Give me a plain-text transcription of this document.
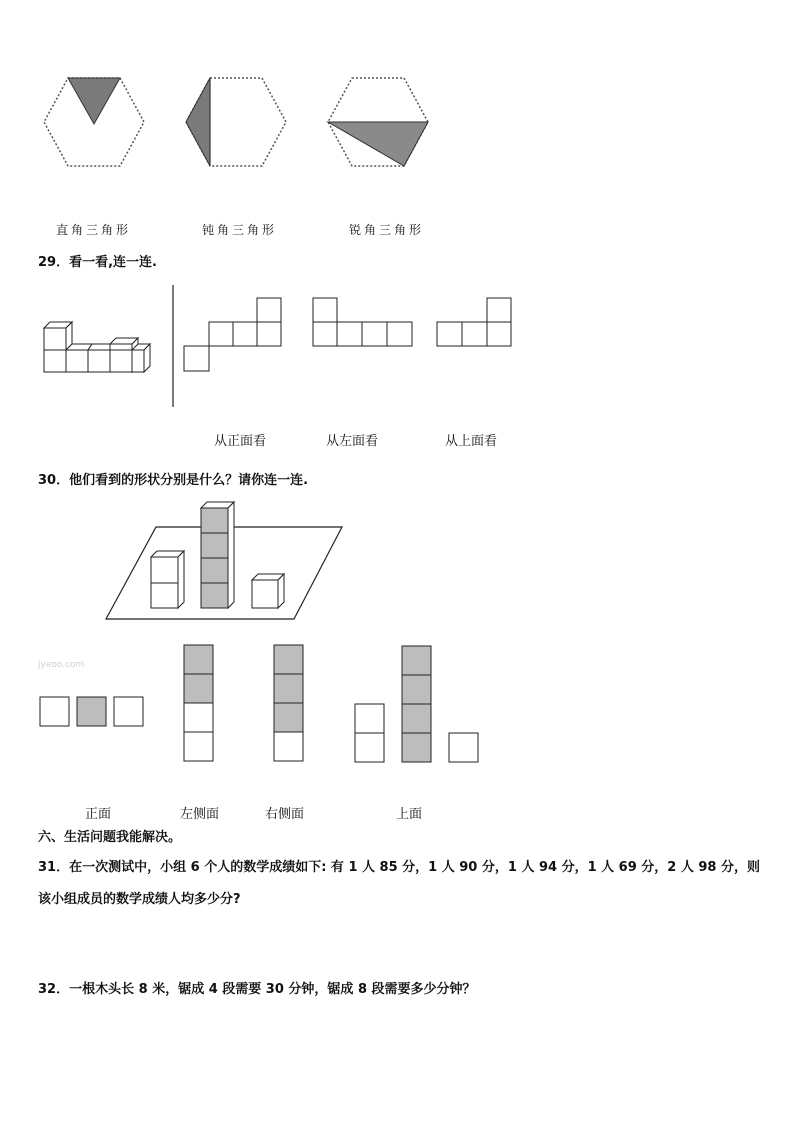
直角三角形	钝角三角形	锐角三角形
29．看一看,连一连.
从正面看	从左面看	从上面看
30．他们看到的形状分别是什么？请你连一连.
jyeoo.com
正面	左侧面	右侧面	上面
六、生活问题我能解决。
31．在一次测试中，小组 6 个人的数学成绩如下: 有 1 人 85 分，1 人 90 分，1 人 94 分，1 人 69 分，2 人 98 分，则该小组成员的数学成绩人均多少分?
32．一根木头长 8 米，锯成 4 段需要 30 分钟，锯成 8 段需要多少分钟？
